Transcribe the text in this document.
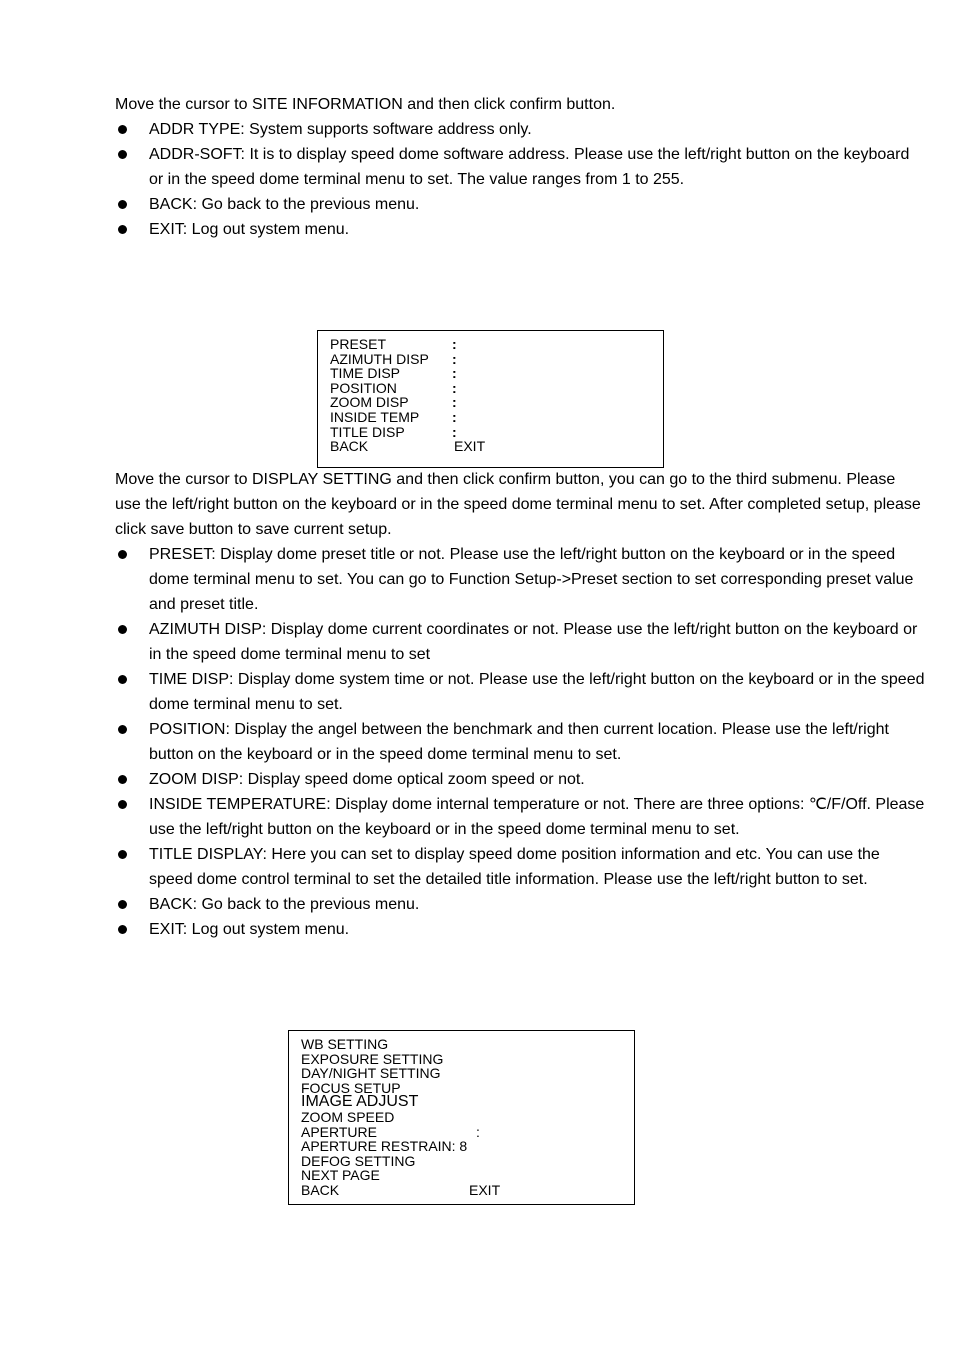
Move the cursor to SITE INFORMATION and then click confirm button.

ADDR TYPE: System supports software address only.
ADDR-SOFT: It is to display speed dome software address. Please use the left/right button on the keyboard or in the speed dome terminal menu to set. The value ranges from 1 to 255.
BACK: Go back to the previous menu.
EXIT: Log out system menu.
PRESET	:
AZIMUTH DISP :
TIME DISP	:
POSITION	:
ZOOM DISP	:
INSIDE TEMP :
TITLE DISP	:
BACK	EXIT

Move the cursor to DISPLAY SETTING and then click confirm button, you can go to the third submenu. Please use the left/right button on the keyboard or in the speed dome terminal menu to set. After completed setup, please click save button to save current setup.

PRESET: Display dome preset title or not. Please use the left/right button on the keyboard or in the speed dome terminal menu to set. You can go to Function Setup->Preset section to set corresponding preset value and preset title.
AZIMUTH DISP: Display dome current coordinates or not. Please use the left/right button on the keyboard or in the speed dome terminal menu to set
TIME DISP: Display dome system time or not. Please use the left/right button on the keyboard or in the speed dome terminal menu to set.
POSITION: Display the angel between the benchmark and then current location. Please use the left/right button on the keyboard or in the speed dome terminal menu to set.
ZOOM DISP: Display speed dome optical zoom speed or not.
INSIDE TEMPERATURE: Display dome internal temperature or not. There are three options: ℃/F/Off. Please use the left/right button on the keyboard or in the speed dome terminal menu to set.
TITLE DISPLAY: Here you can set to display speed dome position information and etc. You can use the speed dome control terminal to set the detailed title information. Please use the left/right button to set.
BACK: Go back to the previous menu.
EXIT: Log out system menu.
WB SETTING
EXPOSURE SETTING
DAY/NIGHT SETTING
FOCUS SETUP
IMAGE ADJUST
ZOOM SPEED
APERTURE	:
APERTURE RESTRAIN: 8
DEFOG SETTING
NEXT PAGE
BACK	EXIT
